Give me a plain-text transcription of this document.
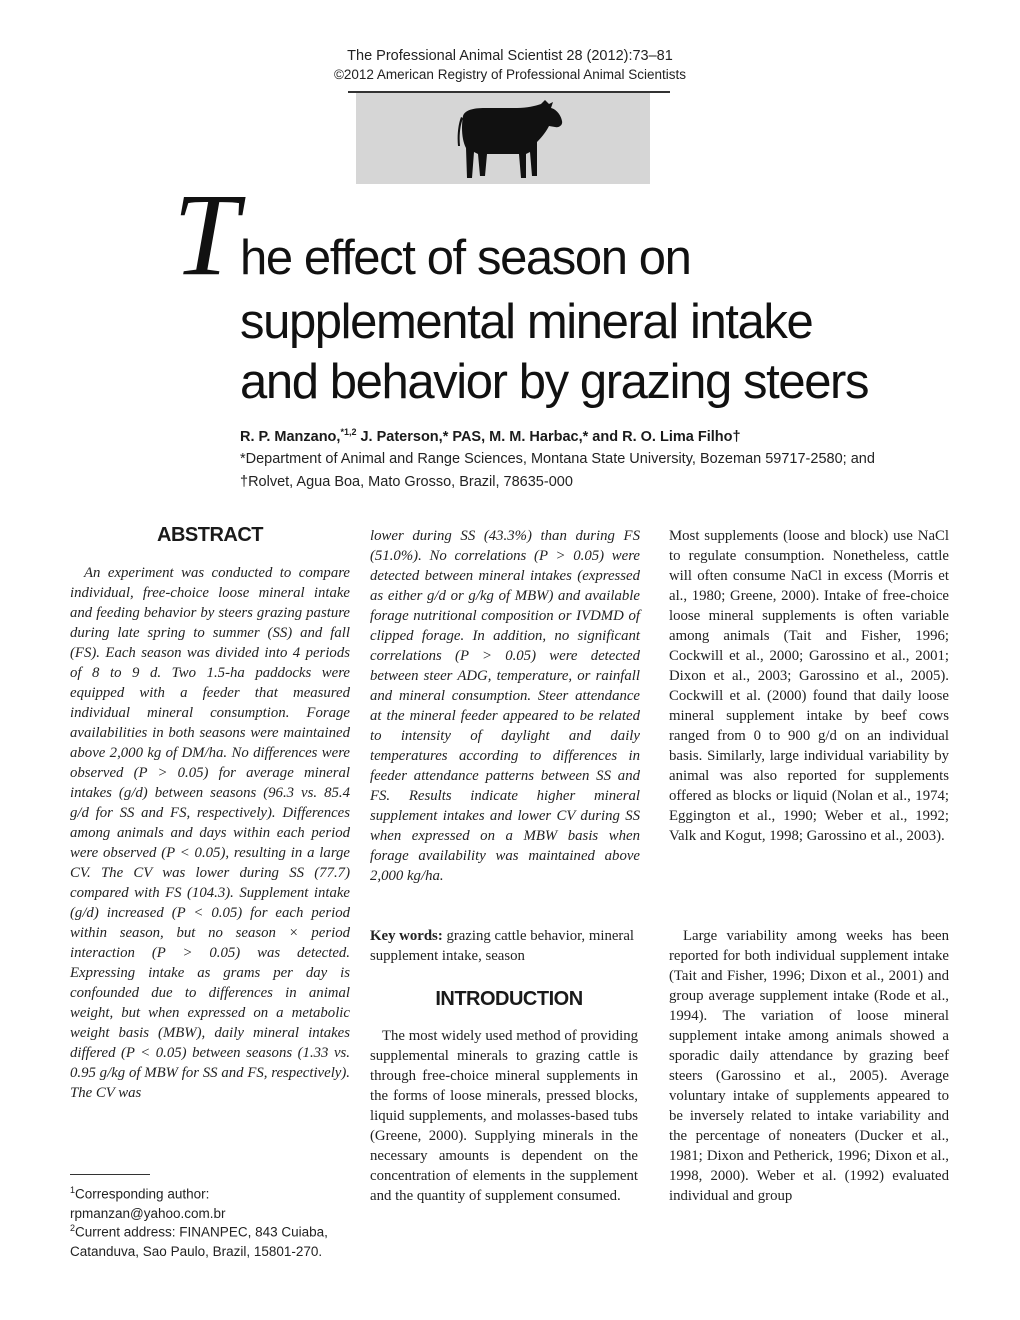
The Professional Animal Scientist 28 (2012):73–81
©2012 American Registry of Professional Animal Scientists
T he effect of season on
supplemental mineral intake
and behavior by grazing steers
R. P. Manzano,$^{*1,2}$ J. Paterson,* PAS, M. M. Harbac,* and R. O. Lima Filho†
*Department of Animal and Range Sciences, Montana State University, Bozeman 59717-2580; and
†Rolvet, Agua Boa, Mato Grosso, Brazil, 78635-000
ABSTRACT
An experiment was conducted to compare individual, free-choice loose mineral intake and feeding behavior by steers grazing pasture during late spring to summer (SS) and fall (FS). Each season was divided into 4 periods of 8 to 9 d. Two 1.5-ha paddocks were equipped with a feeder that measured individual mineral consumption. Forage availabilities in both seasons were maintained above 2,000 kg of DM/ha. No differences were observed (P > 0.05) for average mineral intakes (g/d) between seasons (96.3 vs. 85.4 g/d for SS and FS, respectively). Differences among animals and days within each period were observed (P < 0.05), resulting in a large CV. The CV was lower during SS (77.7) compared with FS (104.3). Supplement intake (g/d) increased (P < 0.05) for each period within season, but no season × period interaction (P > 0.05) was detected. Expressing intake as grams per day is confounded due to differences in animal weight, but when expressed on a metabolic weight basis (MBW), daily mineral intakes differed (P < 0.05) between seasons (1.33 vs. 0.95 g/kg of MBW for SS and FS, respectively). The CV was
lower during SS (43.3%) than during FS (51.0%). No correlations (P > 0.05) were detected between mineral intakes (expressed as either g/d or g/kg of MBW) and available forage nutritional composition or IVDMD of clipped forage. In addition, no significant correlations (P > 0.05) were detected between steer ADG, temperature, or rainfall and mineral consumption. Steer attendance at the mineral feeder appeared to be related to intensity of daylight and daily temperatures according to differences in feeder attendance patterns between SS and FS. Results indicate higher mineral supplement intakes and lower CV during SS when expressed on a MBW basis when forage availability was maintained above 2,000 kg/ha.
Key words: grazing cattle behavior, mineral supplement intake, season
INTRODUCTION
The most widely used method of providing supplemental minerals to grazing cattle is through free-choice mineral supplements in the forms of loose minerals, pressed blocks, liquid supplements, and molasses-based tubs (Greene, 2000). Supplying minerals in the necessary amounts is dependent on the concentration of elements in the supplement and the quantity of supplement consumed.
Most supplements (loose and block) use NaCl to regulate consumption. Nonetheless, cattle will often consume NaCl in excess (Morris et al., 1980; Greene, 2000). Intake of free-choice loose mineral supplements is often variable among animals (Tait and Fisher, 1996; Cockwill et al., 2000; Garossino et al., 2001; Dixon et al., 2003; Garossino et al., 2005). Cockwill et al. (2000) found that daily loose mineral supplement intake by beef cows ranged from 0 to 900 g/d on an individual basis. Similarly, large individual variability by animal was also reported for supplements offered as blocks or liquid (Nolan et al., 1974; Eggington et al., 1990; Weber et al., 1992; Valk and Kogut, 1998; Garossino et al., 2003).
Large variability among weeks has been reported for both individual supplement intake (Tait and Fisher, 1996; Dixon et al., 2001) and group average supplement intake (Rode et al., 1994). The variation of loose mineral supplement intake among animals showed a sporadic daily attendance by grazing beef steers (Garossino et al., 2005). Average voluntary intake of supplements appeared to be inversely related to intake variability and the percentage of noneaters (Ducker et al., 1981; Dixon and Petherick, 1996; Dixon et al., 1998, 2000). Weber et al. (1992) evaluated individual and group
$^1$Corresponding author: rpmanzan@yahoo.com.br
$^2$Current address: FINANPEC, 843 Cuiaba, Catanduva, Sao Paulo, Brazil, 15801-270.
